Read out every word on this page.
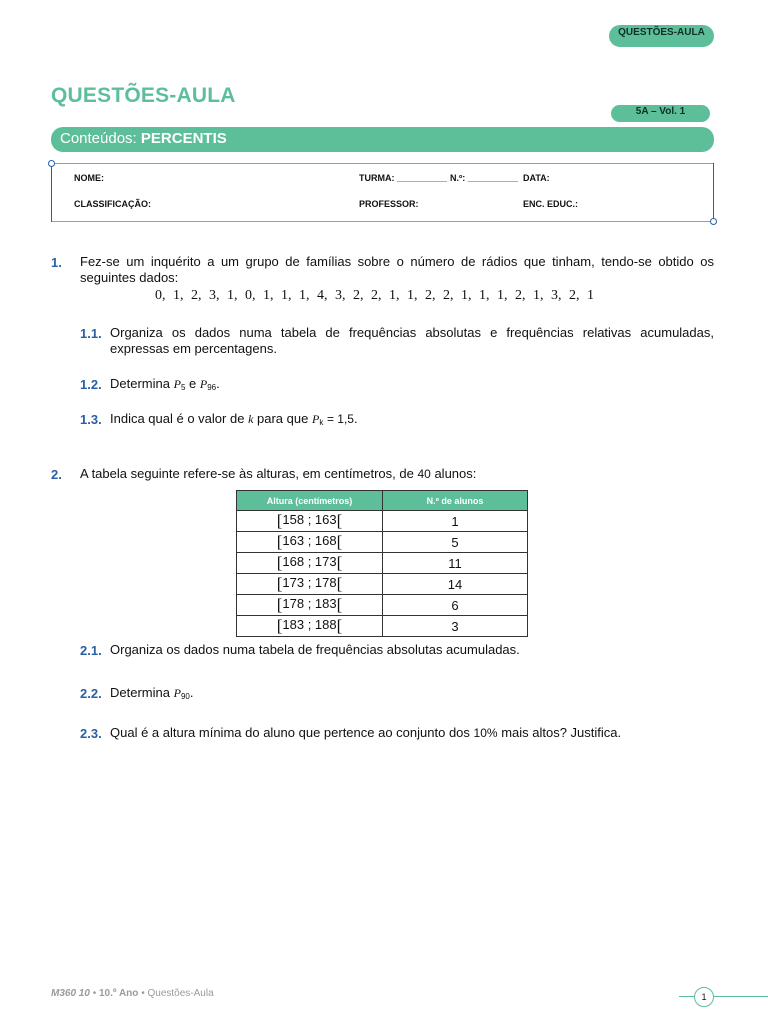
QUESTÕES-AULA
QUESTÕES-AULA
5A – Vol. 1
Conteúdos: PERCENTIS
NOME:	TURMA: __________ N.º: __________ DATA:
CLASSIFICAÇÃO:	PROFESSOR:	ENC. EDUC.:
1. Fez-se um inquérito a um grupo de famílias sobre o número de rádios que tinham, tendo-se obtido os seguintes dados:
0, 1, 2, 3, 1, 0, 1, 1, 1, 4, 3, 2, 2, 1, 1, 2, 2, 1, 1, 1, 2, 1, 3, 2, 1
1.1. Organiza os dados numa tabela de frequências absolutas e frequências relativas acumuladas, expressas em percentagens.
1.2. Determina $P_5$ e $P_{96}$.
1.3. Indica qual é o valor de k para que $P_k = 1,5$.
2. A tabela seguinte refere-se às alturas, em centímetros, de 40 alunos:
Altura (centímetros)	N.º de alunos
[158 ; 163[	1
[163 ; 168[	5
[168 ; 173[	11
[173 ; 178[	14
[178 ; 183[	6
[183 ; 188[	3
2.1. Organiza os dados numa tabela de frequências absolutas acumuladas.
2.2. Determina $P_{90}$.
2.3. Qual é a altura mínima do aluno que pertence ao conjunto dos 10% mais altos? Justifica.
M360 10 • 10.º Ano • Questões-Aula	1
